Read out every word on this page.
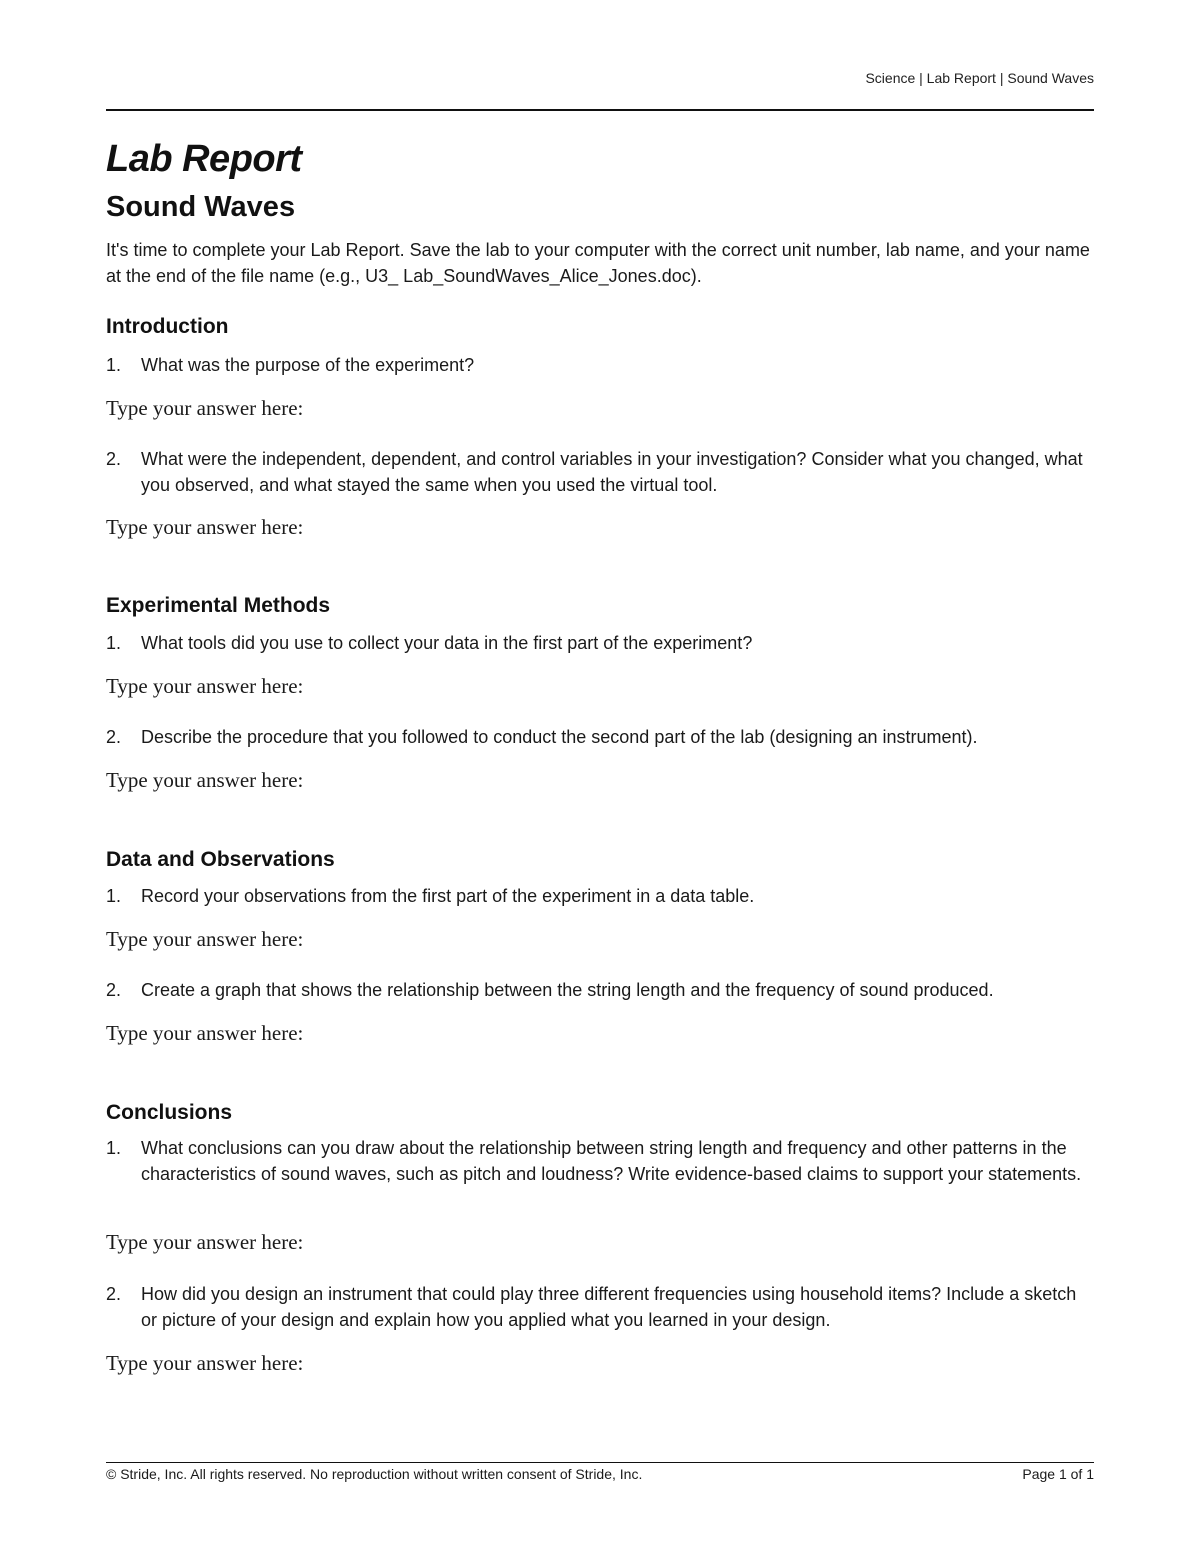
Science | Lab Report | Sound Waves
Lab Report
Sound Waves

It's time to complete your Lab Report. Save the lab to your computer with the correct unit number, lab name, and your name at the end of the file name (e.g., U3_ Lab_SoundWaves_Alice_Jones.doc).

Introduction
1. What was the purpose of the experiment?
Type your answer here:
2. What were the independent, dependent, and control variables in your investigation? Consider what you changed, what you observed, and what stayed the same when you used the virtual tool.
Type your answer here:
Experimental Methods
1. What tools did you use to collect your data in the first part of the experiment?
Type your answer here:
2. Describe the procedure that you followed to conduct the second part of the lab (designing an instrument).
Type your answer here:
Data and Observations
1. Record your observations from the first part of the experiment in a data table.
Type your answer here:
2. Create a graph that shows the relationship between the string length and the frequency of sound produced.
Type your answer here:
Conclusions
1. What conclusions can you draw about the relationship between string length and frequency and other patterns in the characteristics of sound waves, such as pitch and loudness? Write evidence-based claims to support your statements.
Type your answer here:
2. How did you design an instrument that could play three different frequencies using household items? Include a sketch or picture of your design and explain how you applied what you learned in your design.
Type your answer here:
© Stride, Inc. All rights reserved. No reproduction without written consent of Stride, Inc.	Page 1 of 1
